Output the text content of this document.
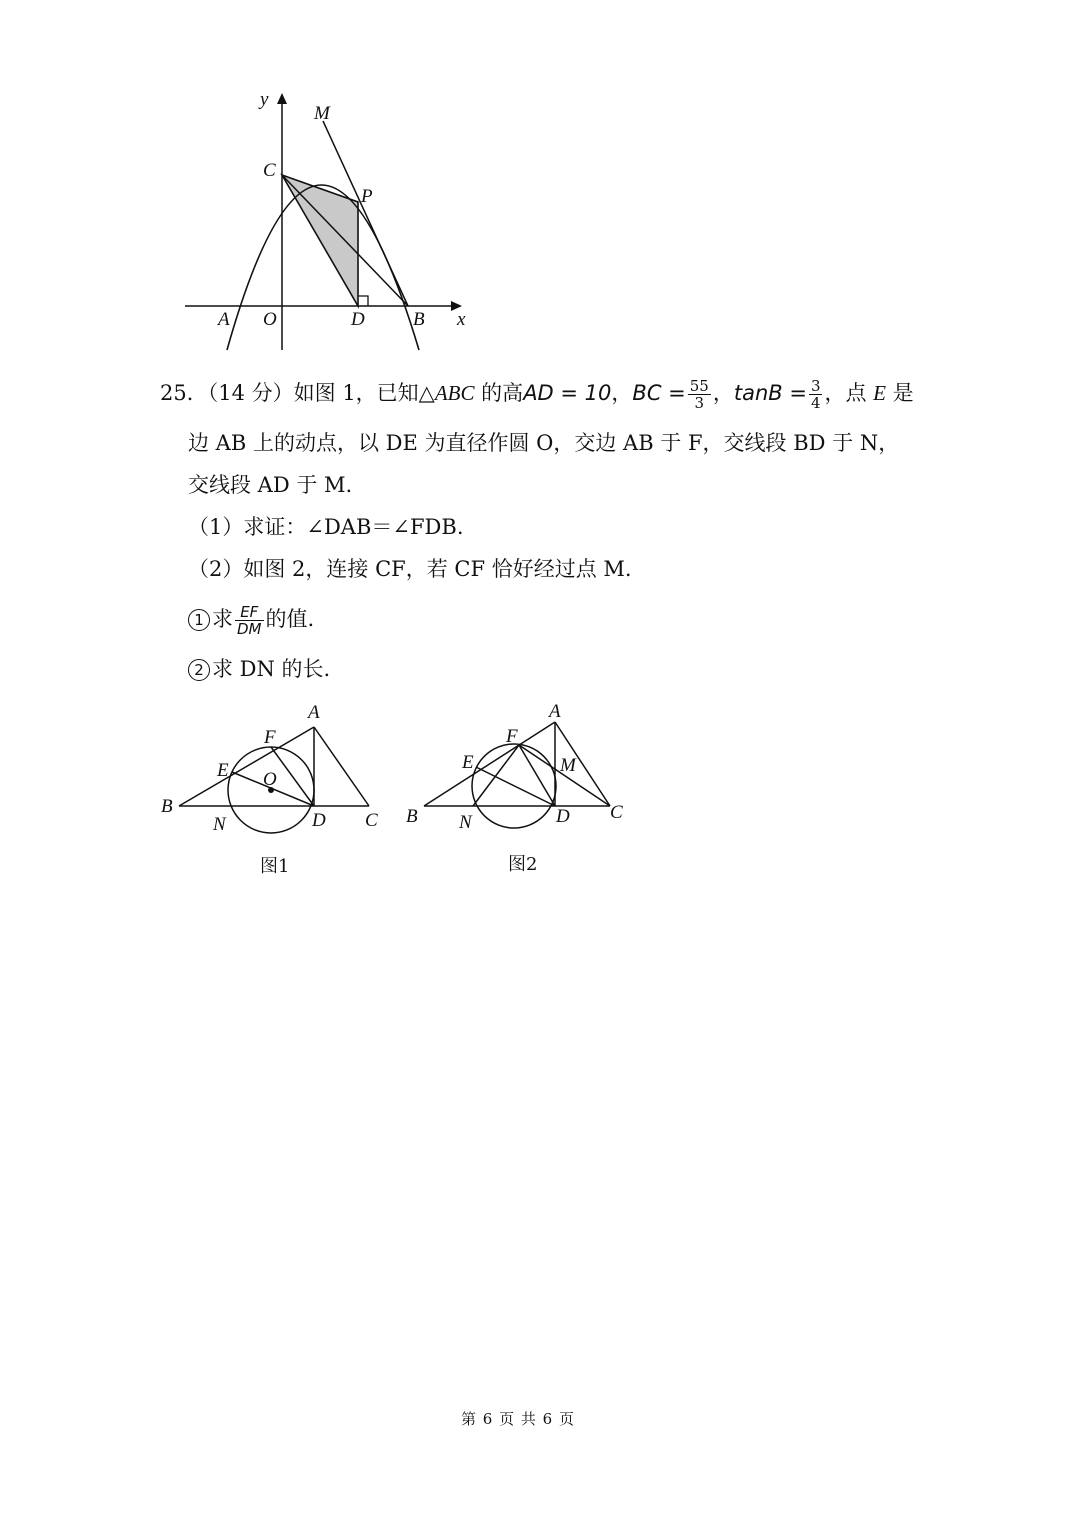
y
M
C
P
A O	D	B x
25．（14 分）如图 1，已知△ABC 的高AD = 10，BC = $\frac{55}{3}$ ，$\tan B = \frac{3}{4}$ ，点 E 是
边 AB 上的动点，以 DE 为直径作圆 O，交边 AB 于 F，交线段 BD 于 N，
交线段 AD 于 M.
（1）求证：∠DAB＝∠FDB.
（2）如图 2，连接 CF，若 CF 恰好经过点 M.
1 求 $\frac{EF}{DM}$ 的值.
2 求 DN 的长.
A
F
E O
B
N	D C
图1
A
F
E	M
B N	D C
图2
第 6 页 共 6 页
